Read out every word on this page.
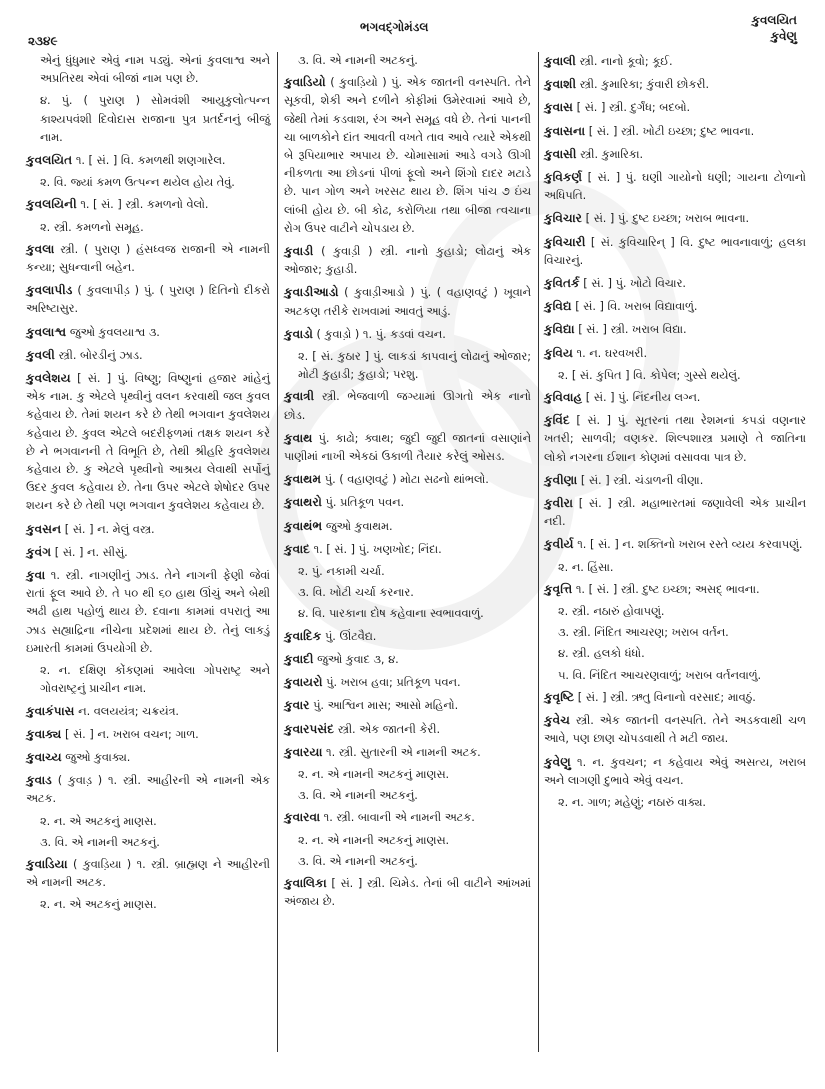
૨૩૪૯
ભગવદ્ગોમંડલ	કુવલયિત
કુવેણુ
એનું ધુંધુમાર એવું નામ પડ્યું. એનાં કુવલાશ્વ અને અપ્રતિરથ એવાં બીજાં નામ પણ છે.
૪. પું. ( પુરાણ ) સોમવંશી આયુકુલોત્પન્ન કાશ્યપવંશી દિવોદાસ રાજાના પુત્ર પ્રતર્દનનું બીજું નામ.
કુવલયિત ૧. [ સં. ] વિ. કમળથી શણગારેલ.
૨. વિ. જ્યાં કમળ ઉત્પન્ન થયેલ હોય તેવું.
કુવલયિની ૧. [ સં. ] સ્ત્રી. કમળનો વેલો.
૨. સ્ત્રી. કમળનો સમૂહ.
કુવલા સ્ત્રી. ( પુરાણ ) હંસધ્વજ રાજાની એ નામની કન્યા; સુધન્વાની બહેન.
કુવલાપીડ ( કુવલાપીડ઼ ) પું. ( પુરાણ ) દિતિનો દીકરો અરિષ્ટાસુર.
કુવલાશ્વ જુઓ કુવલયાશ્વ ૩.
કુવલી સ્ત્રી. બોરડીનું ઝાડ.
કુવલેશય [ સં. ] પું. વિષ્ણુ; વિષ્ણુનાં હજાર માંહેનું એક નામ. કુ એટલે પૃથ્વીનું વલન કરવાથી જલ કુવલ કહેવાય છે. તેમાં શયન કરે છે તેથી ભગવાન કુવલેશય કહેવાય છે. કુવલ એટલે બદરીફળમાં તક્ષક શયન કરે છે ને ભગવાનની તે વિભૂતિ છે, તેથી શ્રીહરિ કુવલેશય કહેવાય છે. કુ એટલે પૃથ્વીનો આશ્રય લેવાથી સર્પોનું ઉદર કુવલ કહેવાય છે. તેના ઉપર એટલે શેષોદર ઉપર શયન કરે છે તેથી પણ ભગવાન કુવલેશય કહેવાય છે.
કુવસન [ સં. ] ન. મેલું વસ્ત્ર.
કુવંગ [ સં. ] ન. સીસું.
કુવા ૧. સ્ત્રી. નાગણીનું ઝાડ. તેને નાગની ફેણી જેવાં રાતાં ફૂલ આવે છે. તે ૫૦ થી ૬૦ હાથ ઊંચું અને બેથી અઢી હાથ પહોળું થાય છે. દવાના કામમાં વપરાતું આ ઝાડ સહ્યાદ્રિના નીચેના પ્રદેશમાં થાય છે. તેનું લાકડું ઇમારતી કામમાં ઉપયોગી છે.
૨. ન. દક્ષિણ કોંકણમાં આવેલા ગોપરાષ્ટ્ર અને ગોવરાષ્ટ્રનું પ્રાચીન નામ.
કુવાકંપાસ ન. વલયયંત્ર; ચક્રયંત્ર.
કુવાક્ય [ સં. ] ન. ખરાબ વચન; ગાળ.
કુવાચ્ય જુઓ કુવાક્ય.
કુવાડ ( કુવાડ઼ ) ૧. સ્ત્રી. આહીરની એ નામની એક અટક.
૨. ન. એ અટકનું માણસ.
૩. વિ. એ નામની અટકનું.
કુવાડિયા ( કુવાડ઼િયા ) ૧. સ્ત્રી. બ્રાહ્મણ ને આહીરની એ નામની અટક.
૨. ન. એ અટકનું માણસ.
૩. વિ. એ નામની અટકનું.
કુવાડિયો ( કુવાડ઼િયો ) પું. એક જાતની વનસ્પતિ. તેને સૂકવી, શેકી અને દળીને કોફીમાં ઉમેરવામાં આવે છે, જેથી તેમાં કડવાશ, રંગ અને સમૂહ વધે છે. તેનાં પાનની ચા બાળકોને દાંત આવતી વખતે તાવ આવે ત્યારે એકથી બે રૂપિયાભાર અપાય છે. ચોમાસામાં આડે વગડે ઊગી નીકળતા આ છોડનાં પીળાં ફૂલો અને શિંગો દાદર મટાડે છે. પાન ગોળ અને ખરસટ થાય છે. શિંગ પાંચ ૭ ઇંચ લાંબી હોય છે. બી કોઢ, કરોળિયા તથા બીજા ત્વચાના રોગ ઉપર વાટીને ચોપડાય છે.
કુવાડી ( કુવાડ઼ી ) સ્ત્રી. નાનો કુહાડો; લોઢાનું એક ઓજાર; કુહાડી.
કુવાડીઆડો ( કુવાડ઼ીઆડો ) પું. ( વહાણવટું ) ખૂવાને અટકણ તરીકે રાખવામાં આવતું આડું.
કુવાડો ( કુવાડ઼ો ) ૧. પું. કડવાં વચન.
૨. [ સં. કુઠાર ] પું. લાકડાં કાપવાનું લોઢાનું ઓજાર; મોટી કુહાડી; કુહાડો; પરશુ.
કુવાત્રી સ્ત્રી. ભેજવાળી જગ્યામાં ઊગતો એક નાનો છોડ.
કુવાથ પું. કાઢો; ક્વાથ; જુદી જુદી જાતનાં વસાણાંને પાણીમાં નાખી એકઠાં ઉકાળી તૈયાર કરેલું ઓસડ.
કુવાથમ પું. ( વહાણવટું ) મોટા સઢનો થાંભલો.
કુવાથરો પું. પ્રતિકૂળ પવન.
કુવાથંભ જુઓ કુવાથમ.
કુવાદ ૧. [ સં. ] પું. ખણખોદ; નિંદા.
૨. પું. નકામી ચર્ચા.
૩. વિ. ખોટી ચર્ચા કરનાર.
૪. વિ. પારકાના દોષ કહેવાના સ્વભાવવાળું.
કુવાદિક પું. ઊંટવૈદ્ય.
કુવાદી જુઓ કુવાદ ૩, ૪.
કુવાયરો પું. ખરાબ હવા; પ્રતિકૂળ પવન.
કુવાર પું. આશ્વિન માસ; આસો મહિનો.
કુવારપસંદ સ્ત્રી. એક જાતની કેરી.
કુવારયા ૧. સ્ત્રી. સુતારની એ નામની અટક.
૨. ન. એ નામની અટકનું માણસ.
૩. વિ. એ નામની અટકનું.
કુવારવા ૧. સ્ત્રી. બાવાની એ નામની અટક.
૨. ન. એ નામની અટકનું માણસ.
૩. વિ. એ નામની અટકનું.
કુવાલિકા [ સં. ] સ્ત્રી. ચિમેડ. તેનાં બી વાટીને આંખમાં અંજાય છે.
કુવાલી સ્ત્રી. નાનો કૂવો; કૂઈ.
કુવાશી સ્ત્રી. કુમારિકા; કુંવારી છોકરી.
કુવાસ [ સં. ] સ્ત્રી. દુર્ગંધ; બદબો.
કુવાસના [ સં. ] સ્ત્રી. ખોટી ઇચ્છા; દુષ્ટ ભાવના.
કુવાસી સ્ત્રી. કુમારિકા.
કુવિકર્ણ [ સં. ] પું. ઘણી ગાયોનો ધણી; ગાયના ટોળાનો અધિપતિ.
કુવિચાર [ સં. ] પું. દુષ્ટ ઇચ્છા; ખરાબ ભાવના.
કુવિચારી [ સં. કુવિચારિન્ ] વિ. દુષ્ટ ભાવનાવાળું; હલકા વિચારનું.
કુવિતર્ક [ સં. ] પું. ખોટો વિચાર.
કુવિદ્ય [ સં. ] વિ. ખરાબ વિદ્યાવાળું.
કુવિદ્યા [ સં. ] સ્ત્રી. ખરાબ વિદ્યા.
કુવિય ૧. ન. ઘરવખરી.
૨. [ સં. કુપિત ] વિ. કોપેલ; ગુસ્સે થયેલું.
કુવિવાહ [ સં. ] પું. નિંદનીય લગ્ન.
કુવિંદ [ સં. ] પું. સૂતરનાં તથા રેશમનાં કપડાં વણનાર ખતરી; સાળવી; વણકર. શિલ્પશાસ્ત્ર પ્રમાણે તે જાતિના લોકો નગરના ઈશાન કોણમાં વસાવવા પાત્ર છે.
કુવીણા [ સં. ] સ્ત્રી. ચંડાળની વીણા.
કુવીરા [ સં. ] સ્ત્રી. મહાભારતમાં જણાવેલી એક પ્રાચીન નદી.
કુવીર્ય ૧. [ સં. ] ન. શક્તિનો ખરાબ રસ્તે વ્યય કરવાપણું.
૨. ન. હિંસા.
કુવૃત્તિ ૧. [ સં. ] સ્ત્રી. દુષ્ટ ઇચ્છા; અસદ્ ભાવના.
૨. સ્ત્રી. નઠારું હોવાપણું.
૩. સ્ત્રી. નિંદિત આચરણ; ખરાબ વર્તન.
૪. સ્ત્રી. હલકો ધંધો.
૫. વિ. નિંદિત આચરણવાળું; ખરાબ વર્તનવાળું.
કુવૃષ્ટિ [ સં. ] સ્ત્રી. ઋતુ વિનાનો વરસાદ; માવઠું.
કુવેચ સ્ત્રી. એક જાતની વનસ્પતિ. તેને અડકવાથી ચળ આવે, પણ છાણ ચોપડવાથી તે મટી જાય.
કુવેણુ ૧. ન. કુવચન; ન કહેવાય એવું અસત્ય, ખરાબ અને લાગણી દુભાવે એવું વચન.
૨. ન. ગાળ; મહેણું; નઠારું વાક્ય.
